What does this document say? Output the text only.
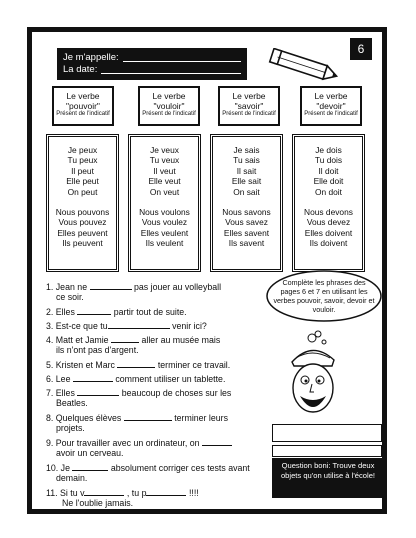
6
Je m'appelle:
La date:
Le verbe
"pouvoir"
Présent de l'indicatif
Le verbe
"vouloir"
Présent de l'indicatif
Le verbe
"savoir"
Présent de l'indicatif
Le verbe
"devoir"
Présent de l'indicatif
Je peux
Tu peux
Il peut
Elle peut
On peut
Nous pouvons
Vous pouvez
Elles peuvent
Ils peuvent
Je veux
Tu veux
Il veut
Elle veut
On veut
Nous voulons
Vous voulez
Elles veulent
Ils veulent
Je sais
Tu sais
Il sait
Elle sait
On sait
Nous savons
Vous savez
Elles savent
Ils savent
Je dois
Tu dois
Il doit
Elle doit
On doit
Nous devons
Vous devez
Elles doivent
Ils doivent
1. Jean ne	pas jouer au volleyball
ce soir.
2. Elles	partir tout de suite.
3. Est-ce que tu	venir ici?
4. Matt et Jamie	aller au musée mais
ils n'ont pas d'argent.
5. Kristen et Marc	terminer ce travail.
6. Lee	comment utiliser un tablette.
7. Elles	beaucoup de choses sur les
Beatles.
8. Quelques élèves	terminer leurs
projets.
9. Pour travailler avec un ordinateur, on
avoir un cerveau.
10. Je	absolument corriger ces tests avant
demain.
11. Si tu v	, tu p	!!!!
Ne l'oublie jamais.
Complète les phrases des pages 6 et 7 en utilisant les verbes pouvoir, savoir, devoir et vouloir.
Question boni: Trouve deux objets qu'on utilise à l'école!
